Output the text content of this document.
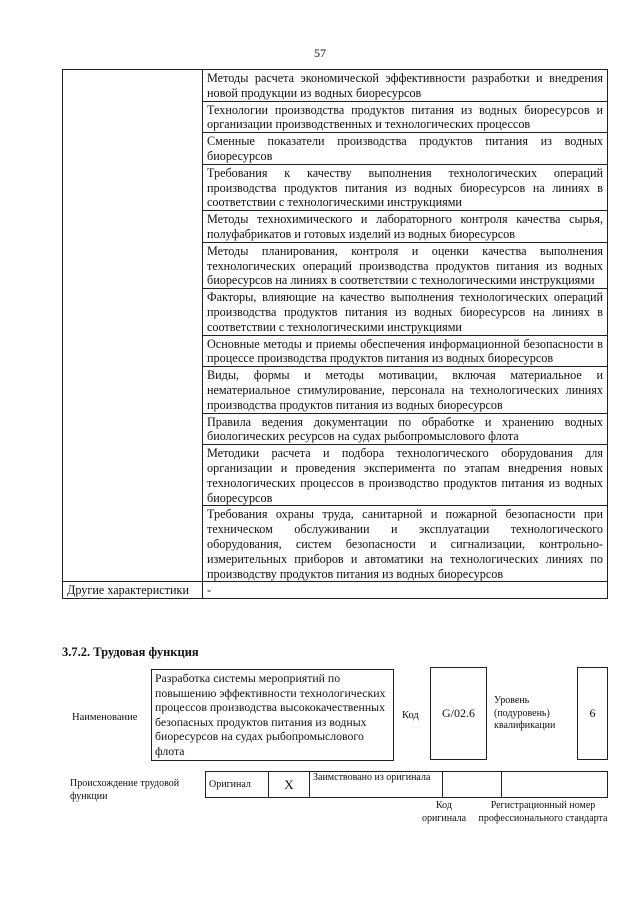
57
	Методы расчета экономической эффективности разработки и внедрения новой продукции из водных биоресурсов
	Технологии производства продуктов питания из водных биоресурсов и организации производственных и технологических процессов
	Сменные показатели производства продуктов питания из водных биоресурсов
	Требования к качеству выполнения технологических операций производства продуктов питания из водных биоресурсов на линиях в соответствии с технологическими инструкциями
	Методы технохимического и лабораторного контроля качества сырья, полуфабрикатов и готовых изделий из водных биоресурсов
	Методы планирования, контроля и оценки качества выполнения технологических операций производства продуктов питания из водных биоресурсов на линиях в соответствии с технологическими инструкциями
	Факторы, влияющие на качество выполнения технологических операций производства продуктов питания из водных биоресурсов на линиях в соответствии с технологическими инструкциями
	Основные методы и приемы обеспечения информационной безопасности в процессе производства продуктов питания из водных биоресурсов
	Виды, формы и методы мотивации, включая материальное и нематериальное стимулирование, персонала на технологических линиях производства продуктов питания из водных биоресурсов
	Правила ведения документации по обработке и хранению водных биологических ресурсов на судах рыбопромыслового флота
	Методики расчета и подбора технологического оборудования для организации и проведения эксперимента по этапам внедрения новых технологических процессов в производство продуктов питания из водных биоресурсов
	Требования охраны труда, санитарной и пожарной безопасности при техническом обслуживании и эксплуатации технологического оборудования, систем безопасности и сигнализации, контрольно-измерительных приборов и автоматики на технологических линиях по производству продуктов питания из водных биоресурсов
Другие характеристики	-
3.7.2. Трудовая функция
Наименование
Разработка системы мероприятий по повышению эффективности технологических процессов производства высококачественных безопасных продуктов питания из водных биоресурсов на судах рыбопромыслового флота
Код G/02.6
Уровень (подуровень) квалификации
6
Происхождение трудовой функции
Оригинал	X	Заимствовано из оригинала		
Код оригинала
Регистрационный номер профессионального стандарта
